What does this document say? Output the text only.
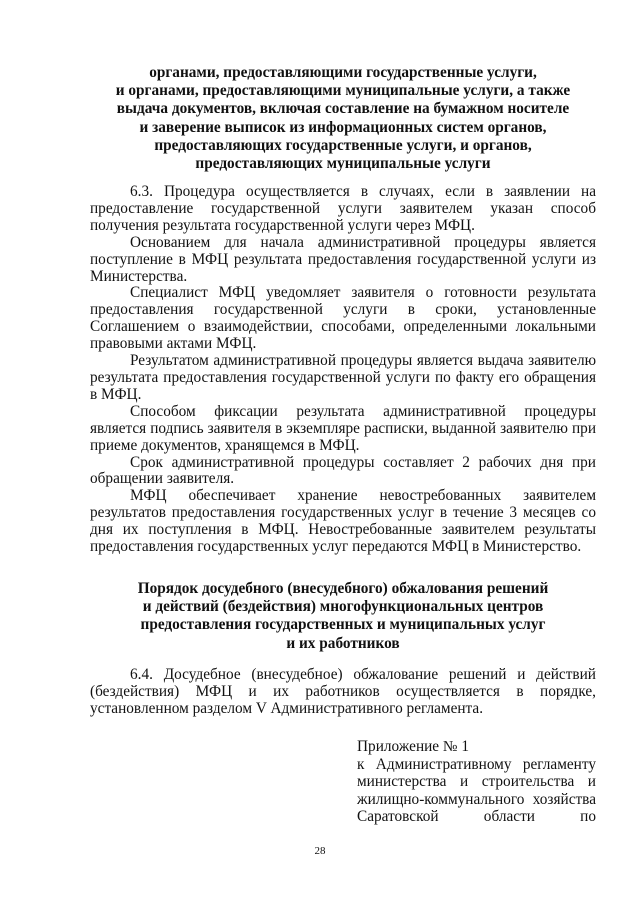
органами, предоставляющими государственные услуги,
и органами, предоставляющими муниципальные услуги, а также
выдача документов, включая составление на бумажном носителе
и заверение выписок из информационных систем органов,
предоставляющих государственные услуги, и органов,
предоставляющих муниципальные услуги

6.3. Процедура осуществляется в случаях, если в заявлении на предоставление государственной услуги заявителем указан способ получения результата государственной услуги через МФЦ.

Основанием для начала административной процедуры является поступление в МФЦ результата предоставления государственной услуги из Министерства.

Специалист МФЦ уведомляет заявителя о готовности результата предоставления государственной услуги в сроки, установленные Соглашением о взаимодействии, способами, определенными локальными правовыми актами МФЦ.

Результатом административной процедуры является выдача заявителю результата предоставления государственной услуги по факту его обращения в МФЦ.

Способом фиксации результата административной процедуры является подпись заявителя в экземпляре расписки, выданной заявителю при приеме документов, хранящемся в МФЦ.

Срок административной процедуры составляет 2 рабочих дня при обращении заявителя.

МФЦ обеспечивает хранение невостребованных заявителем результатов предоставления государственных услуг в течение 3 месяцев со дня их поступления в МФЦ. Невостребованные заявителем результаты предоставления государственных услуг передаются МФЦ в Министерство.

Порядок досудебного (внесудебного) обжалования решений
и действий (бездействия) многофункциональных центров
предоставления государственных и муниципальных услуг
и их работников

6.4. Досудебное (внесудебное) обжалование решений и действий (бездействия) МФЦ и их работников осуществляется в порядке, установленном разделом V Административного регламента.

Приложение № 1
к Административному регламенту министерства и строительства и жилищно-коммунального хозяйства Саратовской области по
28
